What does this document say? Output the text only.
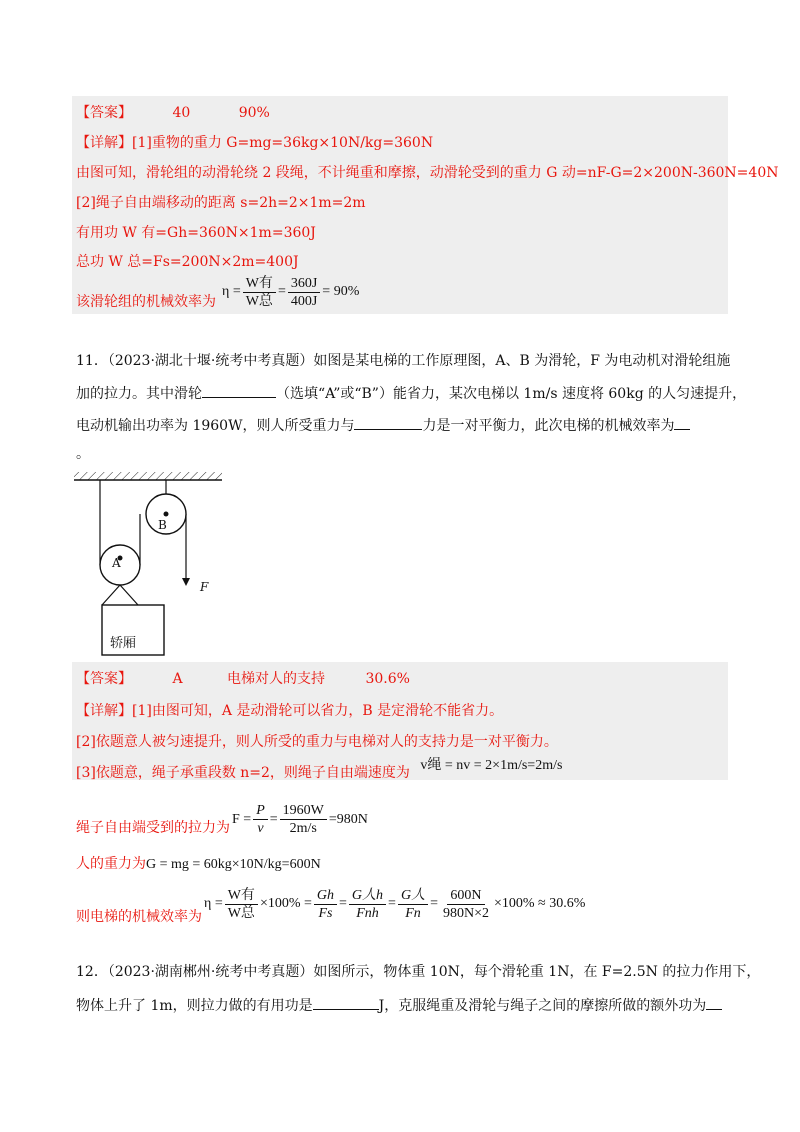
【答案】	40	90%
【详解】[1]重物的重力 G=mg=36kg×10N/kg=360N
由图可知，滑轮组的动滑轮绕 2 段绳，不计绳重和摩擦，动滑轮受到的重力 G 动=nF-G=2×200N-360N=40N
[2]绳子自由端移动的距离 s=2h=2×1m=2m
有用功 W 有=Gh=360N×1m=360J
总功 W 总=Fs=200N×2m=400J
该滑轮组的机械效率为
$\eta = \frac{\text{W有}}{\text{W总}} = \frac{360J}{400J} = 90\%$
11．（2023·湖北十堰·统考中考真题）如图是某电梯的工作原理图，A、B 为滑轮，F 为电动机对滑轮组施
加的拉力。其中滑轮	（选填“A”或“B”）能省力，某次电梯以 1m/s 速度将 60kg 的人匀速提升，
电动机输出功率为 1960W，则人所受重力与	力是一对平衡力，此次电梯的机械效率为
。
A
B
F
轿厢
【答案】	A	电梯对人的支持	30.6%
【详解】[1]由图可知，A 是动滑轮可以省力，B 是定滑轮不能省力。
[2]依题意人被匀速提升，则人所受的重力与电梯对人的支持力是一对平衡力。
[3]依题意，绳子承重段数 n=2，则绳子自由端速度为 v绳 = nv = 2×1m/s=2m/s
绳子自由端受到的拉力为
$F = \frac{P}{v} = \frac{1960W}{2m/s} =980N$
人的重力为G = mg = 60kg×10N/kg=600N
则电梯的机械效率为
$\eta = \frac{\text{W有}}{\text{W总}} \times 100\% = \frac{Gh}{Fs} = \frac{\text{G人h}}{\text{Fnh}} = \frac{\text{G人}}{Fn} = \frac{600N}{980N\times 2} \times 100\% \approx 30.6\%$
12．（2023·湖南郴州·统考中考真题）如图所示，物体重 10N，每个滑轮重 1N，在 F=2.5N 的拉力作用下，
物体上升了 1m，则拉力做的有用功是	J，克服绳重及滑轮与绳子之间的摩擦所做的额外功为
